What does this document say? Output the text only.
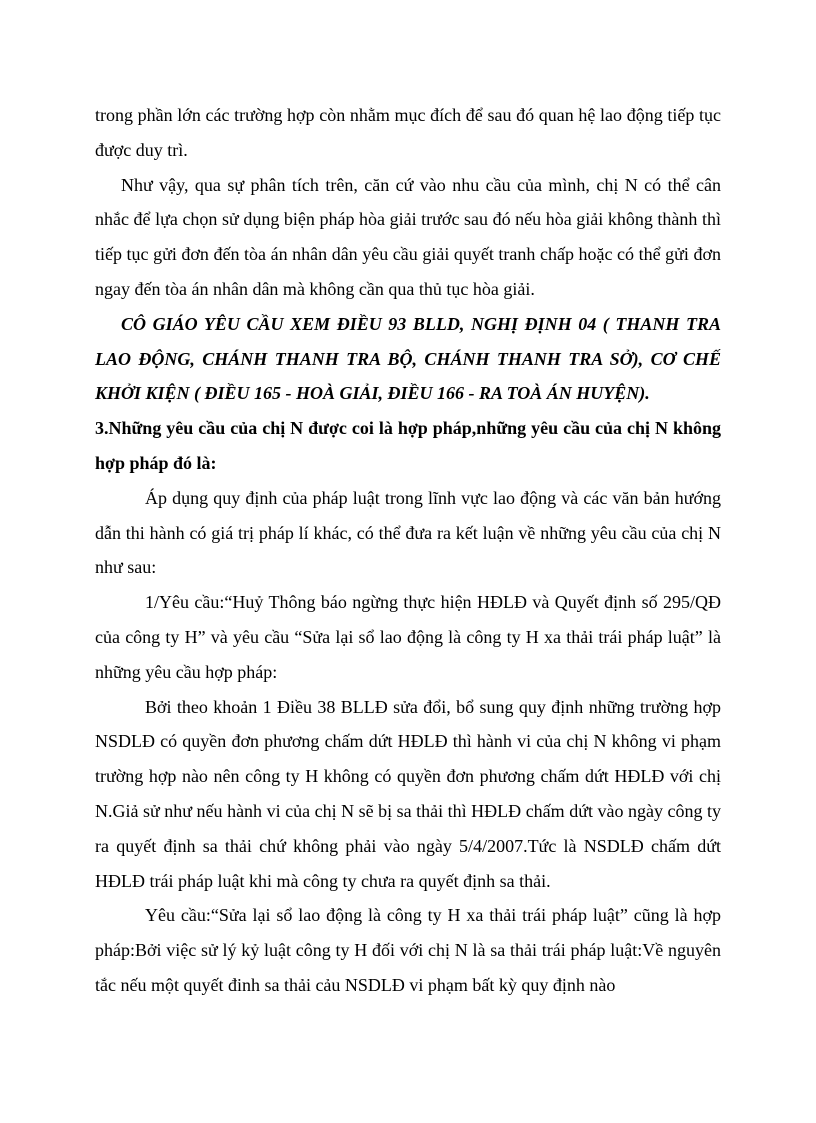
trong phần lớn các trường hợp còn nhằm mục đích để sau đó quan hệ lao động tiếp tục được duy trì.

Như vậy, qua sự phân tích trên, căn cứ vào nhu cầu của mình, chị N có thể cân nhắc để lựa chọn sử dụng biện pháp hòa giải trước sau đó nếu hòa giải không thành thì tiếp tục gửi đơn đến tòa án nhân dân yêu cầu giải quyết tranh chấp hoặc có thể gửi đơn ngay đến tòa án nhân dân mà không cần qua thủ tục hòa giải.

CÔ GIÁO YÊU CẦU XEM ĐIỀU 93 BLLD, NGHỊ ĐỊNH 04 ( THANH TRA LAO ĐỘNG, CHÁNH THANH TRA BỘ, CHÁNH THANH TRA SỞ), CƠ CHẾ KHỞI KIỆN ( ĐIỀU 165 - HOÀ GIẢI, ĐIỀU 166 - RA TOÀ ÁN HUYỆN).

3.Những yêu cầu của chị N được coi là hợp pháp,những yêu cầu của chị N không hợp pháp đó là:

Áp dụng quy định của pháp luật trong lĩnh vực lao động và các văn bản hướng dẫn thi hành có giá trị pháp lí khác, có thể đưa ra kết luận về những yêu cầu của chị N như sau:

1/Yêu cầu:“Huỷ Thông báo ngừng thực hiện HĐLĐ và Quyết định số 295/QĐ của công ty H” và yêu cầu “Sửa lại sổ lao động là công ty H xa thải trái pháp luật” là những yêu cầu hợp pháp:

Bởi theo khoản 1 Điều 38 BLLĐ sửa đổi, bổ sung quy định những trường hợp NSDLĐ có quyền đơn phương chấm dứt HĐLĐ thì hành vi của chị N không vi phạm trường hợp nào nên công ty H không có quyền đơn phương chấm dứt HĐLĐ với chị N.Giả sử như nếu hành vi của chị N sẽ bị sa thải thì HĐLĐ chấm dứt vào ngày công ty ra quyết định sa thải chứ không phải vào ngày 5/4/2007.Tức là NSDLĐ chấm dứt HĐLĐ trái pháp luật khi mà công ty chưa ra quyết định sa thải.

Yêu cầu:“Sửa lại sổ lao động là công ty H xa thải trái pháp luật” cũng là hợp pháp:Bởi việc sử lý kỷ luật công ty H đối với chị N là sa thải trái pháp luật:Về nguyên tắc nếu một quyết đinh sa thải cảu NSDLĐ vi phạm bất kỳ quy định nào
